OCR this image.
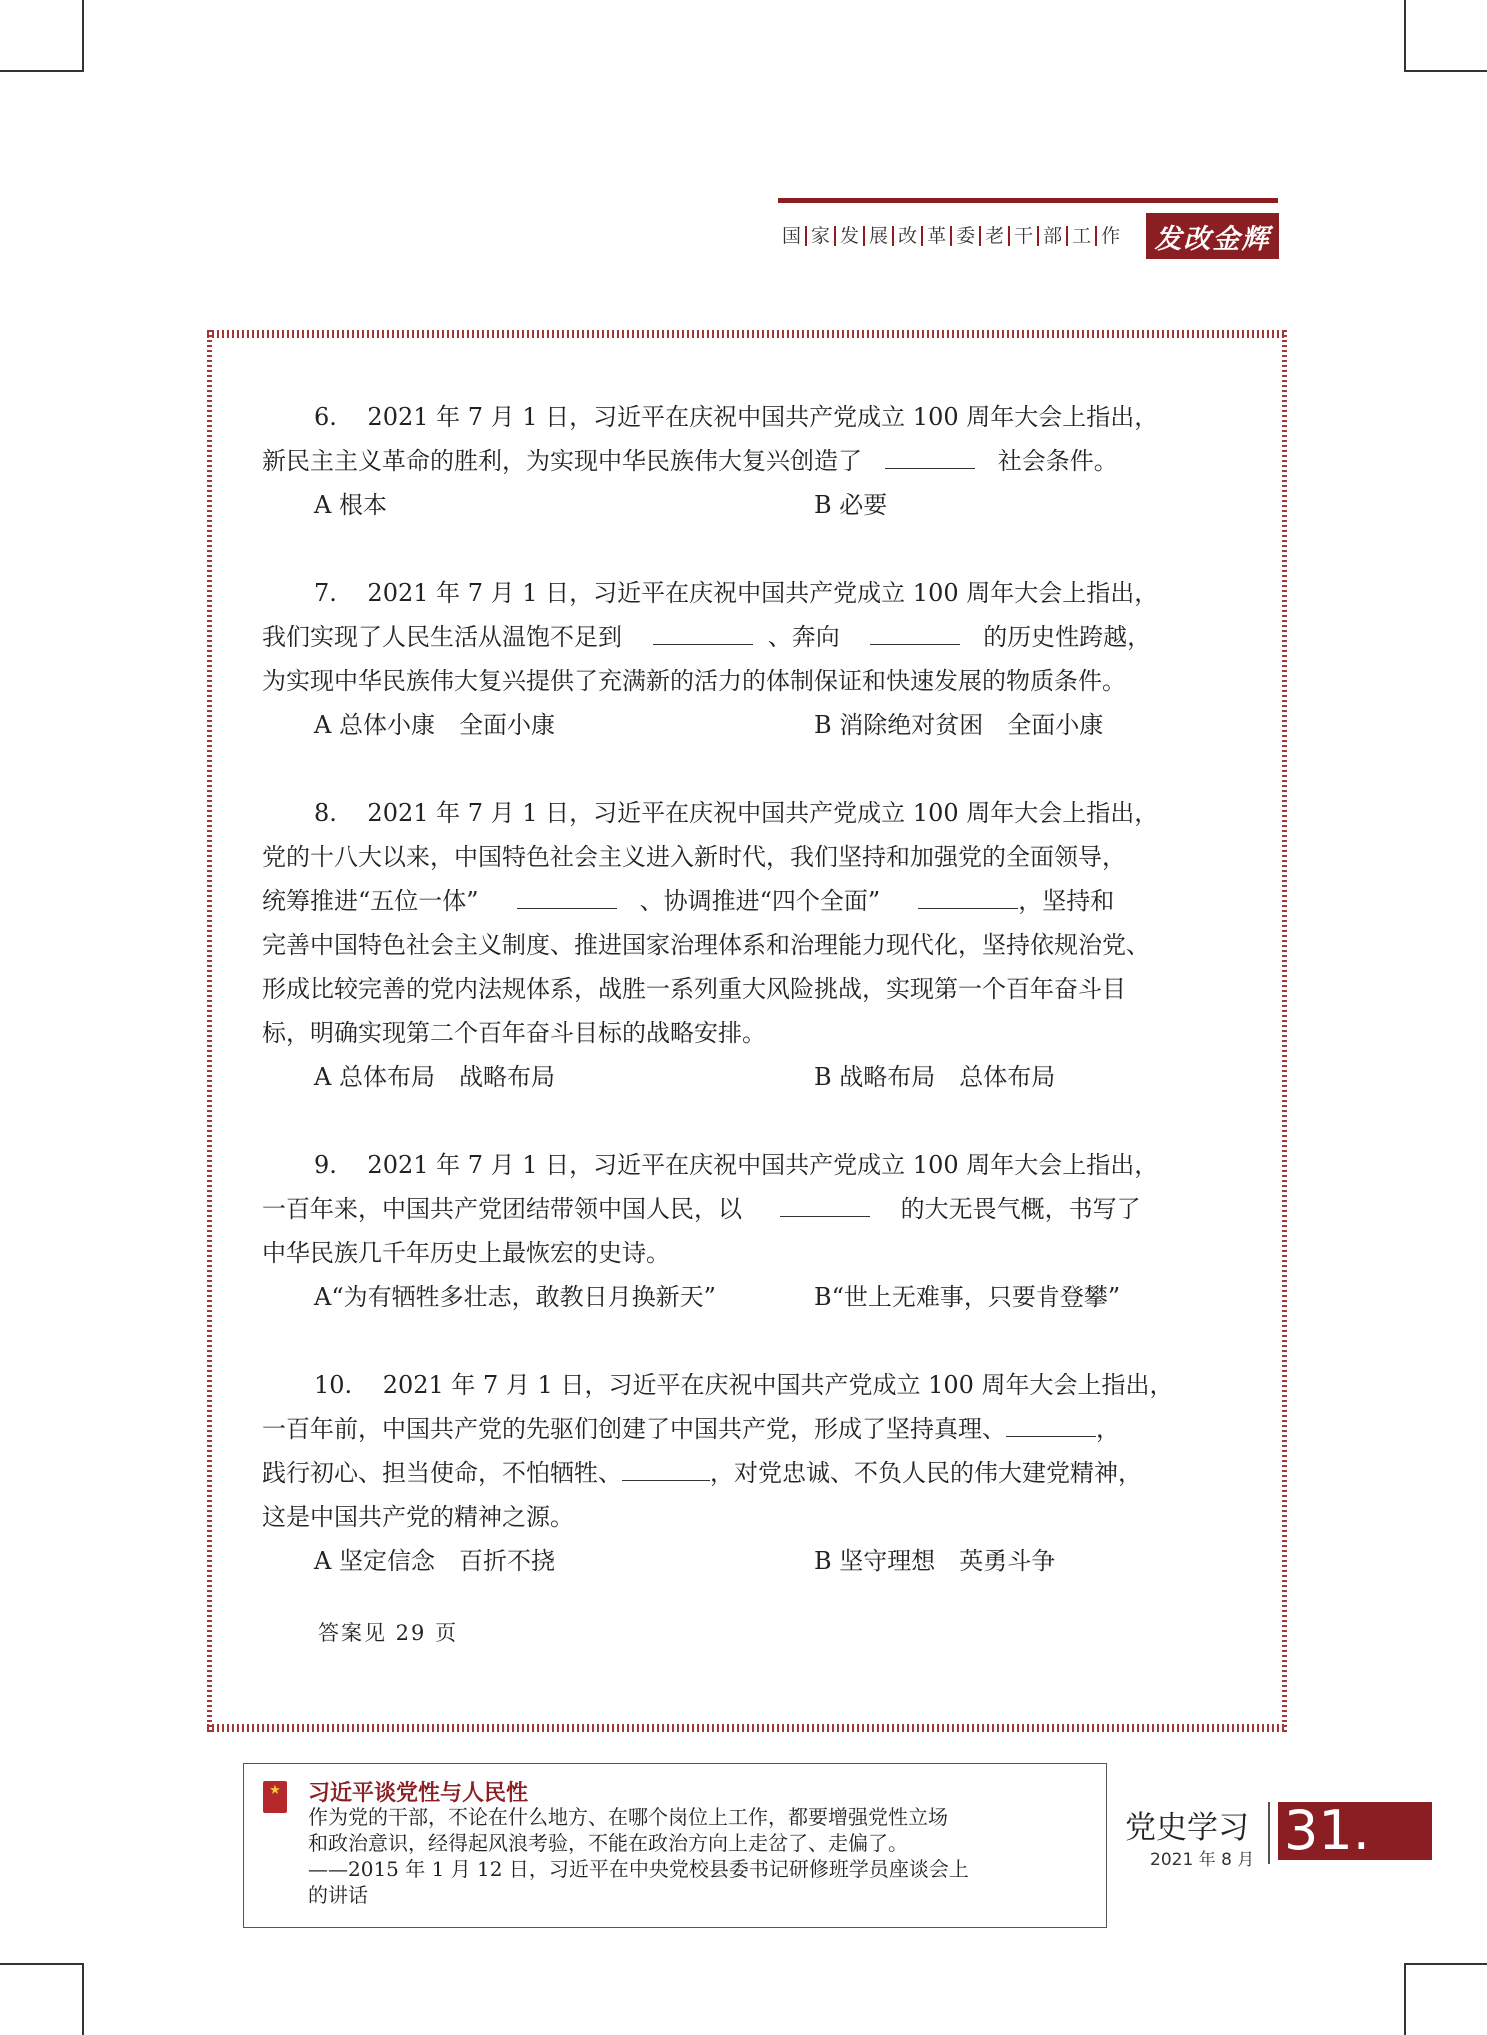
国 家 发 展 改 革 委 老 干 部 工 作	发改金辉

6. 2021 年 7 月 1 日，习近平在庆祝中国共产党成立 100 周年大会上指出，

新民主主义革命的胜利，为实现中华民族伟大复兴创造了	社会条件。

A 根本	B 必要

7. 2021 年 7 月 1 日，习近平在庆祝中国共产党成立 100 周年大会上指出，

我们实现了人民生活从温饱不足到	、奔向	的历史性跨越，

为实现中华民族伟大复兴提供了充满新的活力的体制保证和快速发展的物质条件。

A 总体小康　全面小康	B 消除绝对贫困　全面小康

8. 2021 年 7 月 1 日，习近平在庆祝中国共产党成立 100 周年大会上指出，

党的十八大以来，中国特色社会主义进入新时代，我们坚持和加强党的全面领导，

统筹推进“五位一体”	、协调推进“四个全面”	，坚持和

完善中国特色社会主义制度、推进国家治理体系和治理能力现代化，坚持依规治党、

形成比较完善的党内法规体系，战胜一系列重大风险挑战，实现第一个百年奋斗目

标，明确实现第二个百年奋斗目标的战略安排。

A 总体布局　战略布局	B 战略布局　总体布局

9. 2021 年 7 月 1 日，习近平在庆祝中国共产党成立 100 周年大会上指出，

一百年来，中国共产党团结带领中国人民，以	的大无畏气概，书写了

中华民族几千年历史上最恢宏的史诗。

A“为有牺牲多壮志，敢教日月换新天”	B“世上无难事，只要肯登攀”

10. 2021 年 7 月 1 日，习近平在庆祝中国共产党成立 100 周年大会上指出，

一百年前，中国共产党的先驱们创建了中国共产党，形成了坚持真理、	，

践行初心、担当使命，不怕牺牲、	，对党忠诚、不负人民的伟大建党精神，

这是中国共产党的精神之源。

A 坚定信念　百折不挠	B 坚守理想　英勇斗争
答案见 29 页
★ 习近平谈党性与人民性

作为党的干部，不论在什么地方、在哪个岗位上工作，都要增强党性立场

和政治意识，经得起风浪考验，不能在政治方向上走岔了、走偏了。

——2015 年 1 月 12 日，习近平在中央党校县委书记研修班学员座谈会上

的讲话

党史学习
2021 年 8 月 31.
